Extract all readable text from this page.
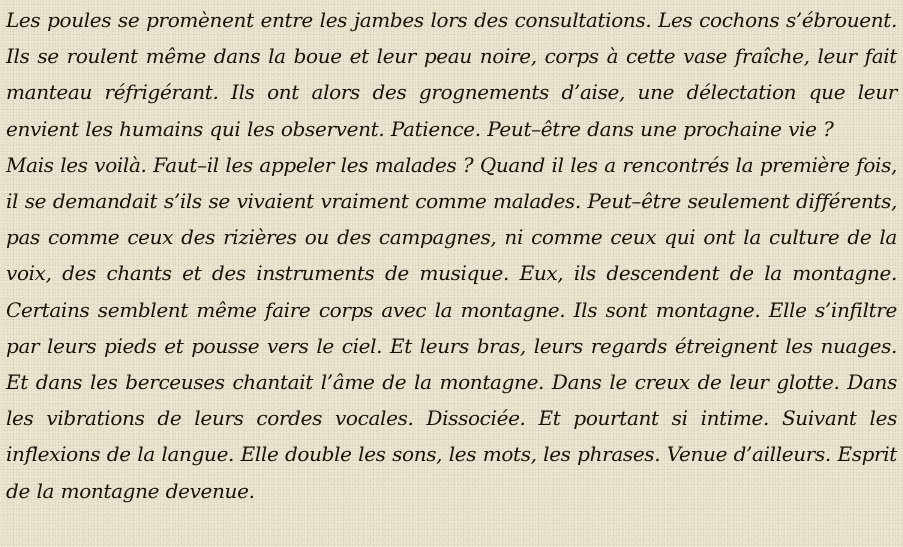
Les poules se promènent entre les jambes lors des consultations. Les cochons s’ébrouent. Ils se roulent même dans la boue et leur peau noire, corps à cette vase fraîche, leur fait manteau réfrigérant. Ils ont alors des grognements d’aise, une délectation que leur envient les humains qui les observent. Patience. Peut–être dans une prochaine vie ?

Mais les voilà. Faut–il les appeler les malades ? Quand il les a rencontrés la première fois, il se demandait s’ils se vivaient vraiment comme malades. Peut–être seulement différents, pas comme ceux des rizières ou des campagnes, ni comme ceux qui ont la culture de la voix, des chants et des instruments de musique. Eux, ils descendent de la montagne. Certains semblent même faire corps avec la montagne. Ils sont montagne. Elle s’infiltre par leurs pieds et pousse vers le ciel. Et leurs bras, leurs regards étreignent les nuages. Et dans les berceuses chantait l’âme de la montagne. Dans le creux de leur glotte. Dans les vibrations de leurs cordes vocales. Dissociée. Et pourtant si intime. Suivant les inflexions de la langue. Elle double les sons, les mots, les phrases. Venue d’ailleurs. Esprit de la montagne devenue.
